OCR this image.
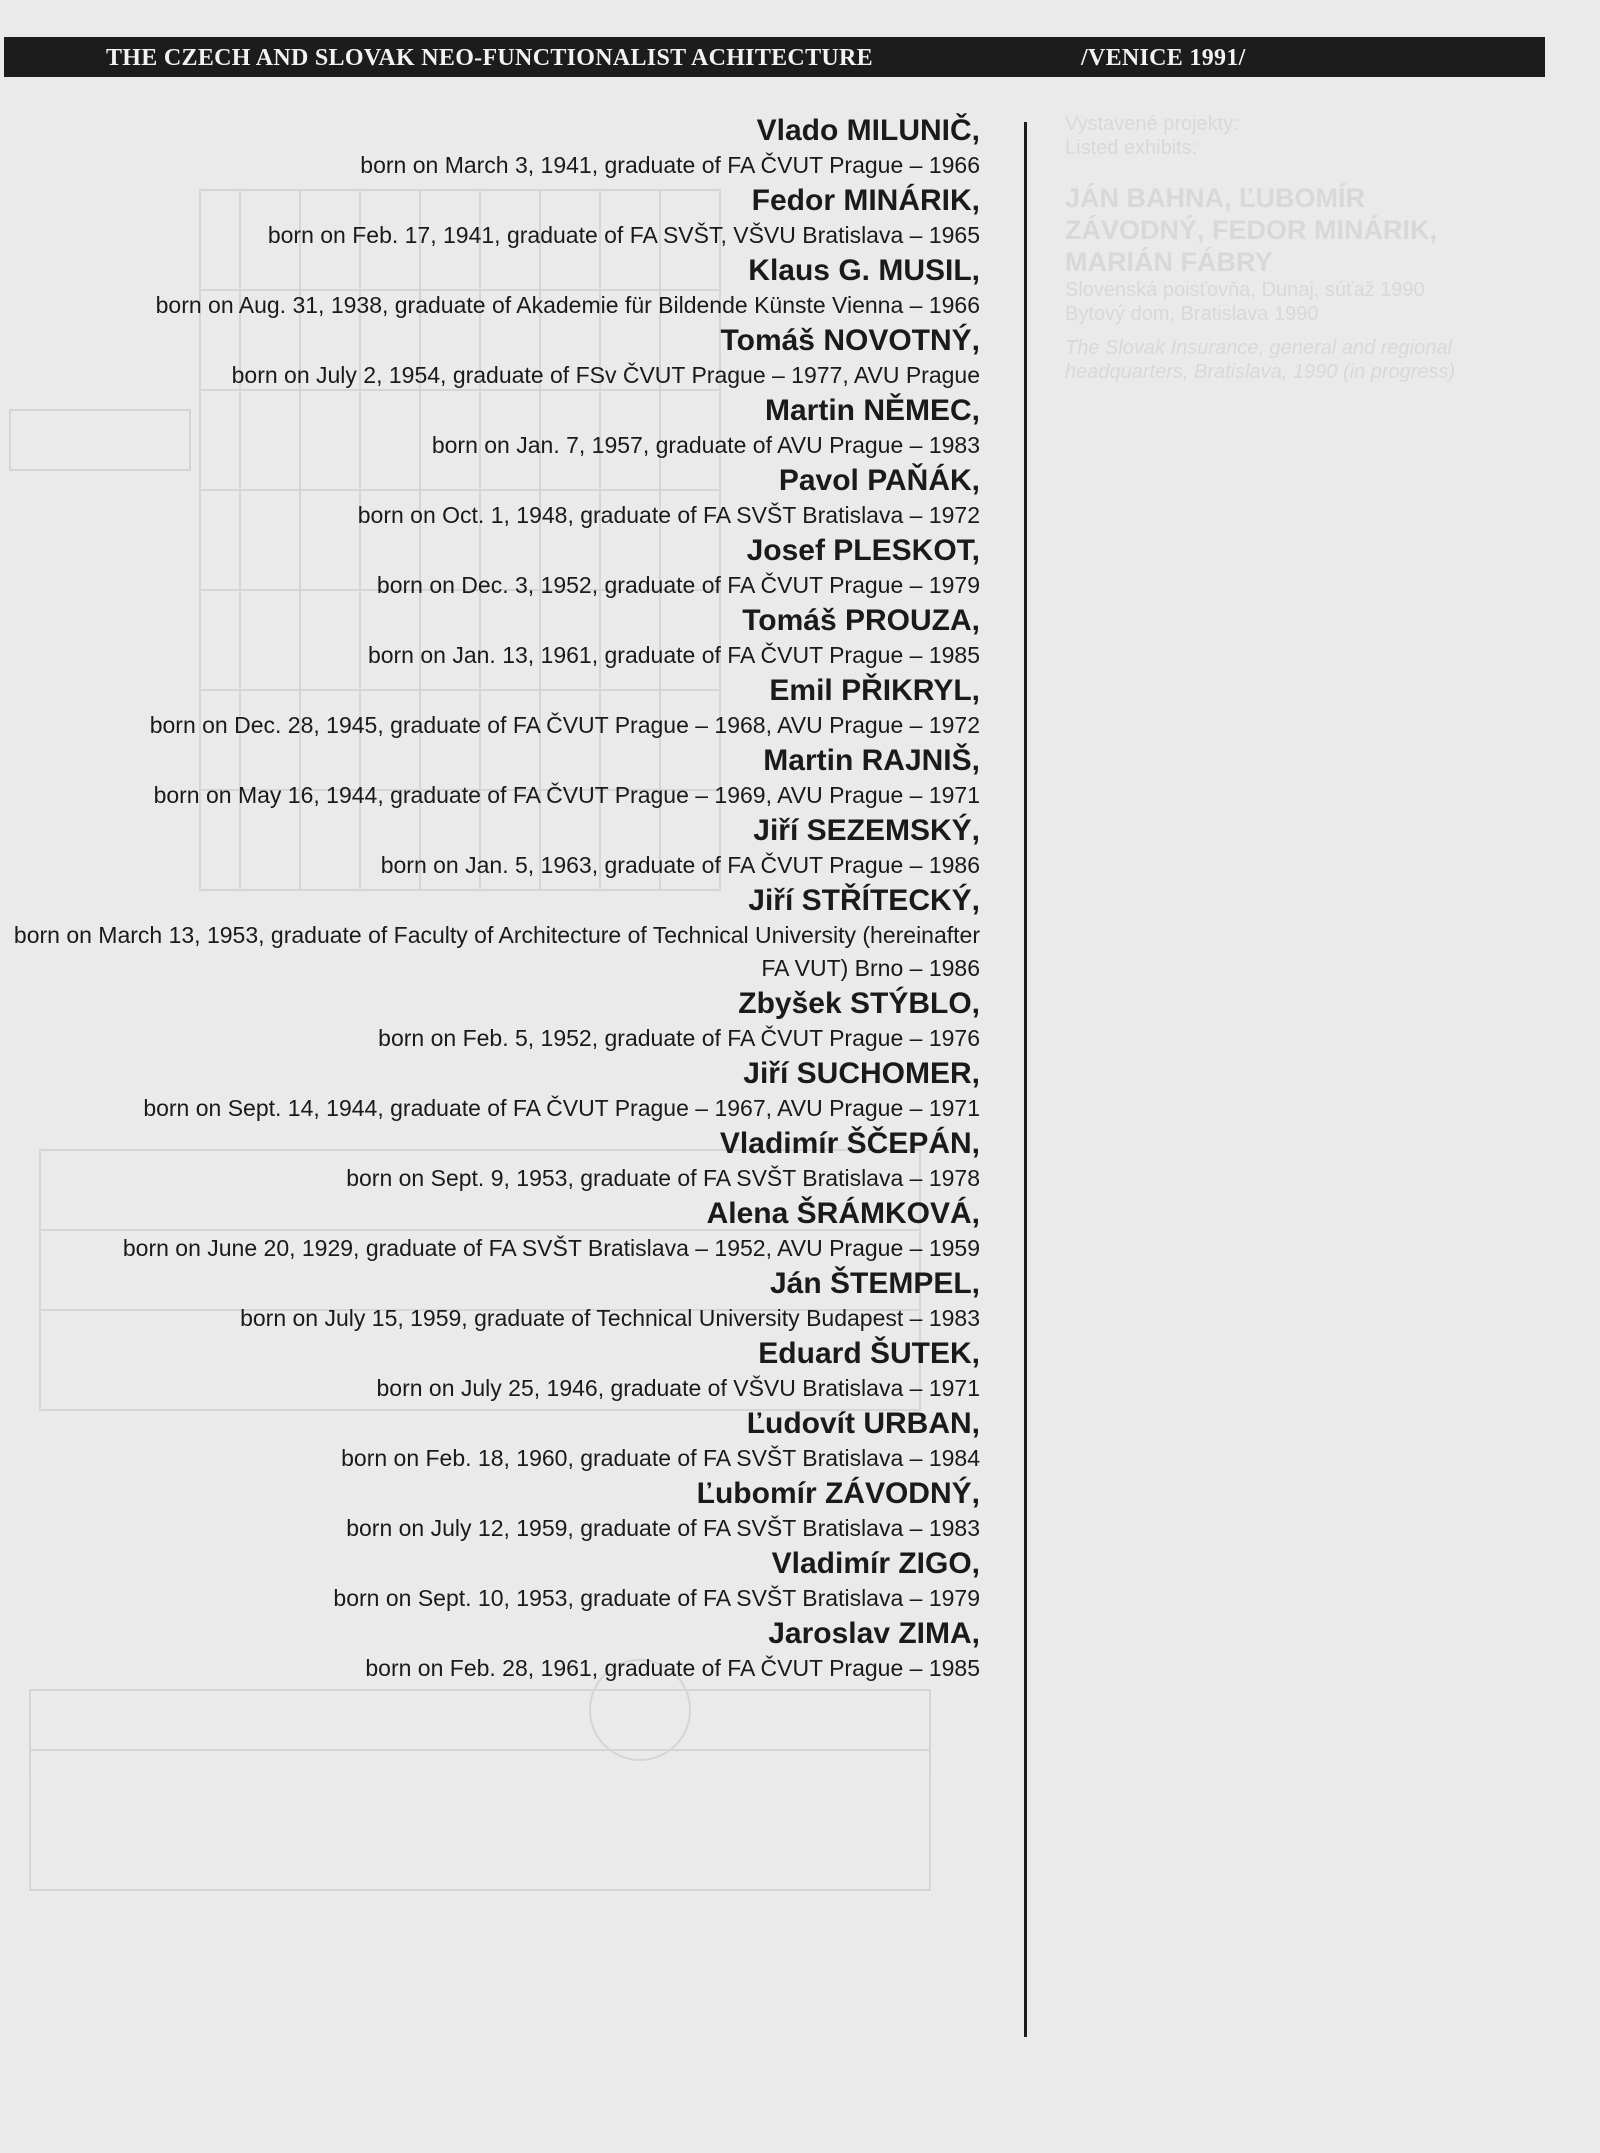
THE CZECH AND SLOVAK NEO-FUNCTIONALIST ACHITECTURE	/VENICE 1991/

Vlado MILUNIČ,

born on March 3, 1941, graduate of FA ČVUT Prague – 1966

Fedor MINÁRIK,

born on Feb. 17, 1941, graduate of FA SVŠT, VŠVU Bratislava – 1965

Klaus G. MUSIL,

born on Aug. 31, 1938, graduate of Akademie für Bildende Künste Vienna – 1966

Tomáš NOVOTNÝ,

born on July 2, 1954, graduate of FSv ČVUT Prague – 1977, AVU Prague

Martin NĚMEC,

born on Jan. 7, 1957, graduate of AVU Prague – 1983

Pavol PAŇÁK,

born on Oct. 1, 1948, graduate of FA SVŠT Bratislava – 1972

Josef PLESKOT,

born on Dec. 3, 1952, graduate of FA ČVUT Prague – 1979

Tomáš PROUZA,

born on Jan. 13, 1961, graduate of FA ČVUT Prague – 1985

Emil PŘIKRYL,

born on Dec. 28, 1945, graduate of FA ČVUT Prague – 1968, AVU Prague – 1972

Martin RAJNIŠ,

born on May 16, 1944, graduate of FA ČVUT Prague – 1969, AVU Prague – 1971

Jiří SEZEMSKÝ,

born on Jan. 5, 1963, graduate of FA ČVUT Prague – 1986

Jiří STŘÍTECKÝ,

born on March 13, 1953, graduate of Faculty of Architecture of Technical University (hereinafter FA VUT) Brno – 1986

Zbyšek STÝBLO,

born on Feb. 5, 1952, graduate of FA ČVUT Prague – 1976

Jiří SUCHOMER,

born on Sept. 14, 1944, graduate of FA ČVUT Prague – 1967, AVU Prague – 1971

Vladimír ŠČEPÁN,

born on Sept. 9, 1953, graduate of FA SVŠT Bratislava – 1978

Alena ŠRÁMKOVÁ,

born on June 20, 1929, graduate of FA SVŠT Bratislava – 1952, AVU Prague – 1959

Ján ŠTEMPEL,

born on July 15, 1959, graduate of Technical University Budapest – 1983

Eduard ŠUTEK,

born on July 25, 1946, graduate of VŠVU Bratislava – 1971

Ľudovít URBAN,

born on Feb. 18, 1960, graduate of FA SVŠT Bratislava – 1984

Ľubomír ZÁVODNÝ,

born on July 12, 1959, graduate of FA SVŠT Bratislava – 1983

Vladimír ZIGO,

born on Sept. 10, 1953, graduate of FA SVŠT Bratislava – 1979

Jaroslav ZIMA,

born on Feb. 28, 1961, graduate of FA ČVUT Prague – 1985

Vystavené projekty:

Listed exhibits:

JÁN BAHNA, ĽUBOMÍR ZÁVODNÝ, FEDOR MINÁRIK, MARIÁN FÁBRY

Slovenská poisťovňa, Dunaj, súťaž 1990

Bytový dom, Bratislava 1990

The Slovak Insurance, general and regional headquarters, Bratislava, 1990 (in progress)
